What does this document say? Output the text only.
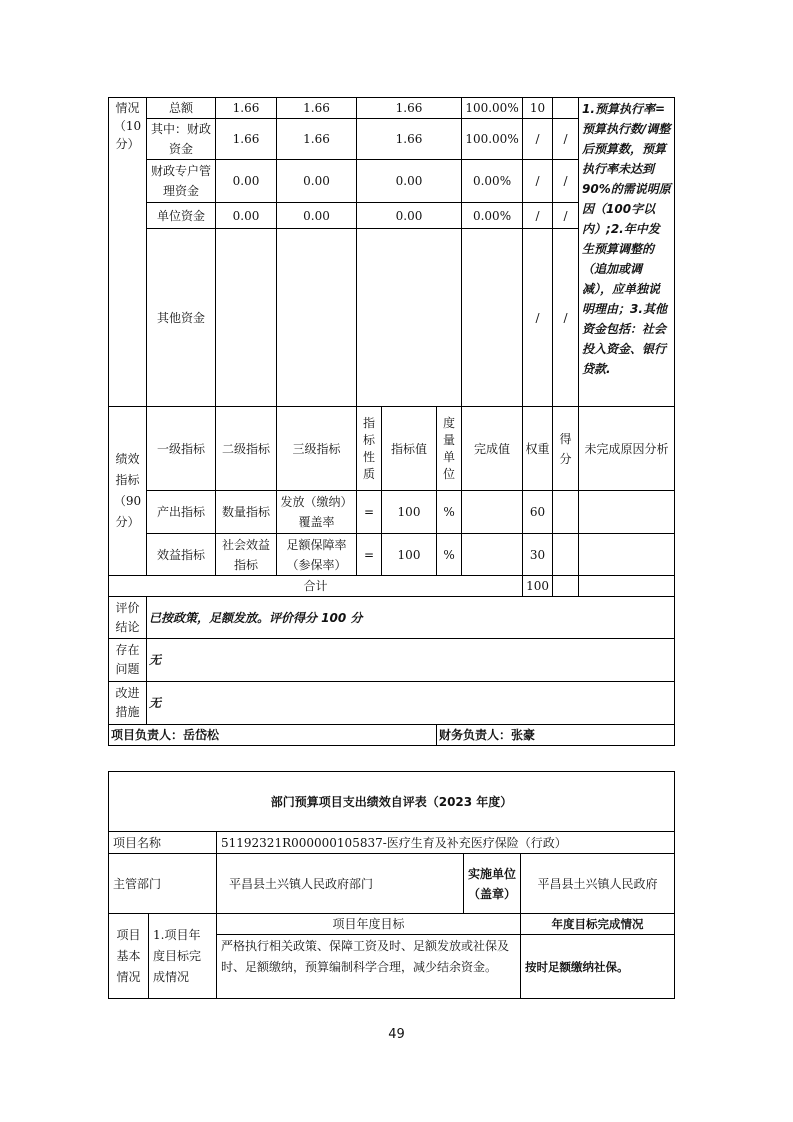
情况（10分）	总额	1.66	1.66	1.66			100.00%	10		1.预算执行率=预算执行数/调整后预算数，预算执行率未达到90%的需说明原因（100字以内）;2.年中发生预算调整的（追加或调减），应单独说明理由；3.其他资金包括：社会投入资金、银行贷款.
	其中：财政资金	1.66	1.66	1.66			100.00%	/	/	
	财政专户管理资金	0.00	0.00	0.00			0.00%	/	/	
	单位资金	0.00	0.00	0.00			0.00%	/	/	
	其他资金							/	/	
绩效指标（90分）	一级指标	二级指标	三级指标	指标性质	指标值	度量单位	完成值	权重	得分	未完成原因分析
	产出指标	数量指标	发放（缴纳）覆盖率	=	100	%		60		
	效益指标	社会效益指标	足额保障率（参保率）	=	100	%		30		
合计								100		
评价结论	已按政策，足额发放。评价得分 100 分									
存在问题	无									
改进措施	无									
项目负责人：岳岱松						财务负责人：张豪				
部门预算项目支出绩效自评表（2023 年度）				
项目名称		51192321R000000105837-医疗生育及补充医疗保险（行政）		
主管部门		平昌县土兴镇人民政府部门	实施单位（盖章）	平昌县土兴镇人民政府
项目基本情况	1.项目年度目标完成情况	项目年度目标		年度目标完成情况
		严格执行相关政策、保障工资及时、足额发放或社保及时、足额缴纳，预算编制科学合理，减少结余资金。		按时足额缴纳社保。
49
